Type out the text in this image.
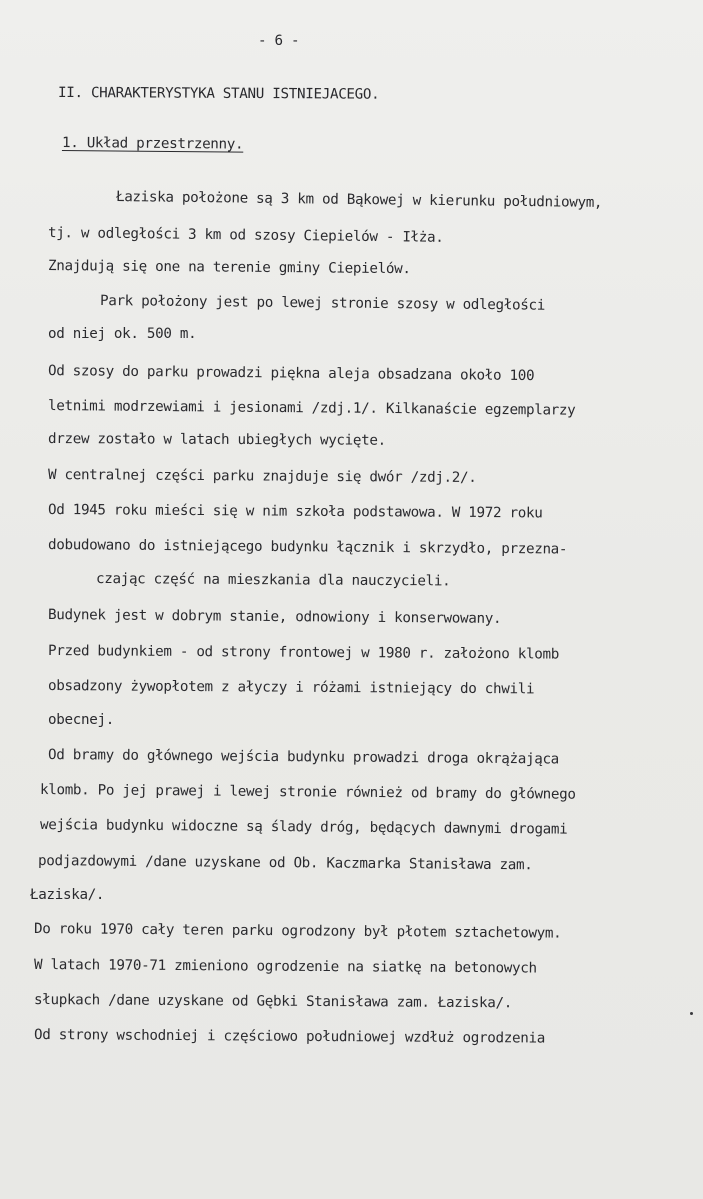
- 6 -
II. CHARAKTERYSTYKA STANU ISTNIEJACEGO.
1. Układ przestrzenny.
Łaziska położone są 3 km od Bąkowej w kierunku południowym,
tj. w odległości 3 km od szosy Ciepielów - Iłża.
Znajdują się one na terenie gminy Ciepielów.
Park położony jest po lewej stronie szosy w odległości
od niej ok. 500 m.
Od szosy do parku prowadzi piękna aleja obsadzana około 100
letnimi modrzewiami i jesionami /zdj.1/. Kilkanaście egzemplarzy
drzew zostało w latach ubiegłych wycięte.
W centralnej części parku znajduje się dwór /zdj.2/.
Od 1945 roku mieści się w nim szkoła podstawowa. W 1972 roku
dobudowano do istniejącego budynku łącznik i skrzydło, przezna-
czając część na mieszkania dla nauczycieli.
Budynek jest w dobrym stanie, odnowiony i konserwowany.
Przed budynkiem - od strony frontowej w 1980 r. założono klomb
obsadzony żywopłotem z ałyczy i różami istniejący do chwili
obecnej.
Od bramy do głównego wejścia budynku prowadzi droga okrążająca
klomb. Po jej prawej i lewej stronie również od bramy do głównego
wejścia budynku widoczne są ślady dróg, będących dawnymi drogami
podjazdowymi /dane uzyskane od Ob. Kaczmarka Stanisława zam.
Łaziska/.
Do roku 1970 cały teren parku ogrodzony był płotem sztachetowym.
W latach 1970-71 zmieniono ogrodzenie na siatkę na betonowych
słupkach /dane uzyskane od Gębki Stanisława zam. Łaziska/.
Od strony wschodniej i częściowo południowej wzdłuż ogrodzenia
